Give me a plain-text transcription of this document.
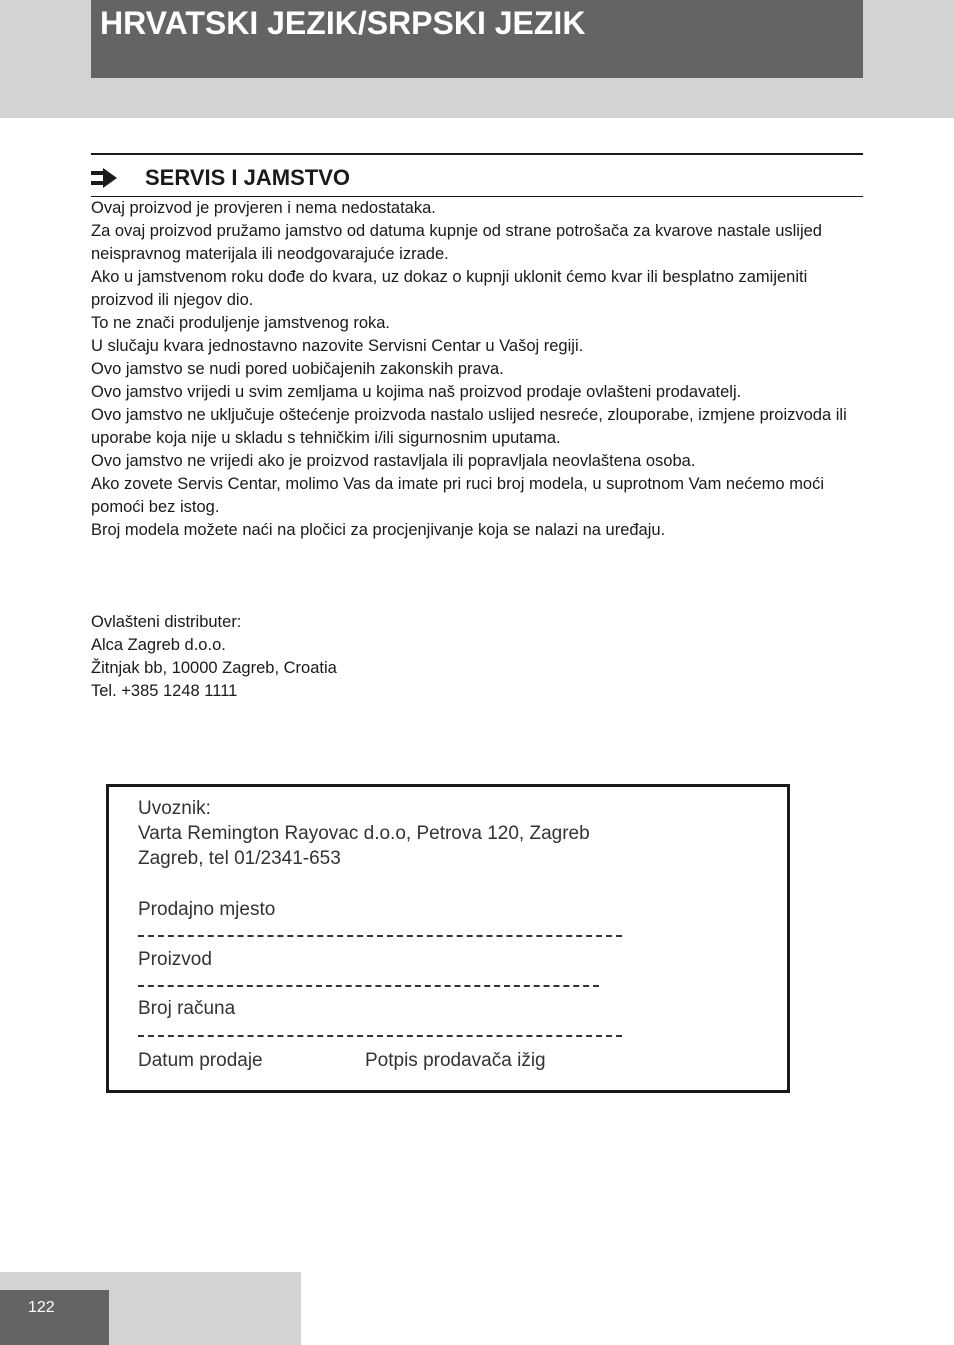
HRVATSKI JEZIK/SRPSKI JEZIK
SERVIS I JAMSTVO

Ovaj proizvod je provjeren i nema nedostataka.

Za ovaj proizvod pružamo jamstvo od datuma kupnje od strane potrošača za kvarove nastale uslijed neispravnog materijala ili neodgovarajuće izrade.

Ako u jamstvenom roku dođe do kvara, uz dokaz o kupnji uklonit ćemo kvar ili besplatno zamijeniti proizvod ili njegov dio.

To ne znači produljenje jamstvenog roka.

U slučaju kvara jednostavno nazovite Servisni Centar u Vašoj regiji.

Ovo jamstvo se nudi pored uobičajenih zakonskih prava.

Ovo jamstvo vrijedi u svim zemljama u kojima naš proizvod prodaje ovlašteni prodavatelj.

Ovo jamstvo ne uključuje oštećenje proizvoda nastalo uslijed nesreće, zlouporabe, izmjene proizvoda ili uporabe koja nije u skladu s tehničkim i/ili sigurnosnim uputama.

Ovo jamstvo ne vrijedi ako je proizvod rastavljala ili popravljala neovlaštena osoba.

Ako zovete Servis Centar, molimo Vas da imate pri ruci broj modela, u suprotnom Vam nećemo moći pomoći bez istog.

Broj modela možete naći na pločici za procjenjivanje koja se nalazi na uređaju.

Ovlašteni distributer:

Alca Zagreb d.o.o.

Žitnjak bb, 10000 Zagreb, Croatia

Tel. +385 1248 1111

Uvoznik:
Varta Remington Rayovac d.o.o, Petrova 120, Zagreb
Zagreb, tel 01/2341-653
Prodajno mjesto
Proizvod
Broj računa
Datum prodaje	Potpis prodavača ižig
122
